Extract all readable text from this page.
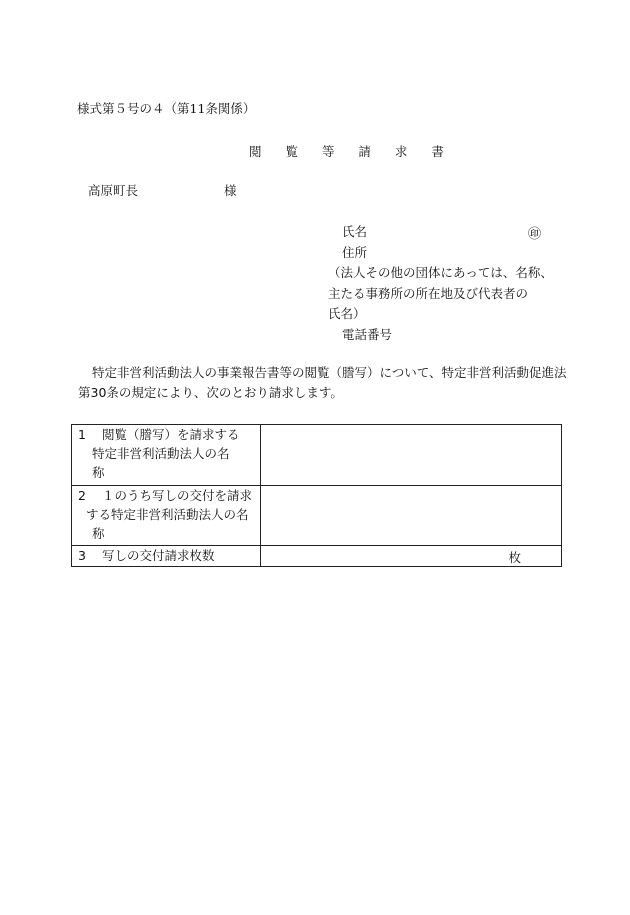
様式第５号の４（第11条関係）
閲 覧 等 請 求 書
高原町長	様
氏名
住所
（法人その他の団体にあっては、名称、
主たる事務所の所在地及び代表者の
氏名）
電話番号
㊞
特定非営利活動法人の事業報告書等の閲覧（謄写）について、特定非営利活動促進法第30条の規定により、次のとおり請求します。
1 閲覧（謄写）を請求する
特定非営利活動法人の名
称	

2 １のうち写しの交付を請求
する特定非営利活動法人の名
称	

3 写しの交付請求枚数	枚
